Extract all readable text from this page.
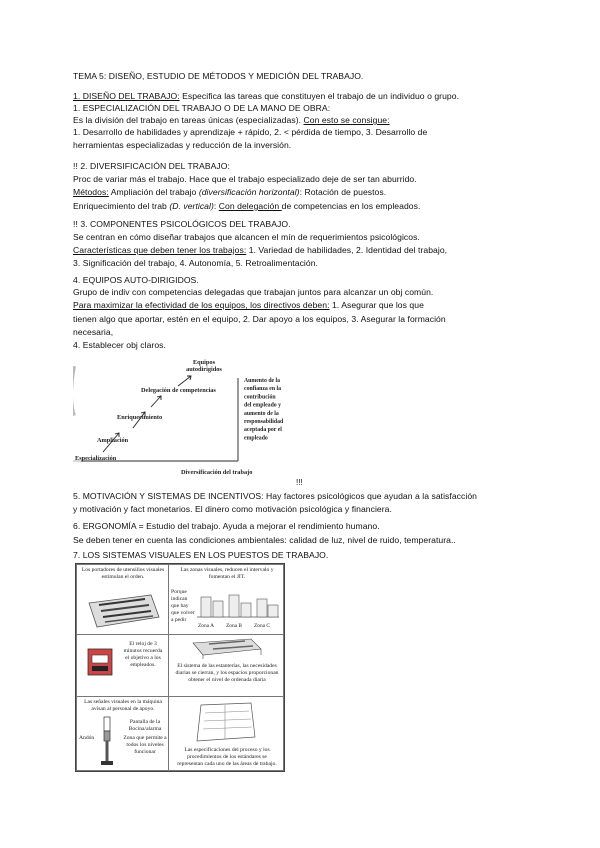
TEMA 5: DISEÑO, ESTUDIO DE MÉTODOS Y MEDICIÓN DEL TRABAJO.
1. DISEÑO DEL TRABAJO: Especifica las tareas que constituyen el trabajo de un individuo o grupo.
1. ESPECIALIZACIÓN DEL TRABAJO O DE LA MANO DE OBRA:
Es la división del trabajo en tareas únicas (especializadas). Con esto se consigue:
1. Desarrollo de habilidades y aprendizaje + rápido, 2. < pérdida de tiempo, 3. Desarrollo de
herramientas especializadas y reducción de la inversión.
!! 2. DIVERSIFICACIÓN DEL TRABAJO:
Proc de variar más el trabajo. Hace que el trabajo especializado deje de ser tan aburrido.
Métodos: Ampliación del trabajo (diversificación horizontal): Rotación de puestos.
Enriquecimiento del trab (D. vertical): Con delegación de competencias en los empleados.
!! 3. COMPONENTES PSICOLÓGICOS DEL TRABAJO.
Se centran en cómo diseñar trabajos que alcancen el mín de requerimientos psicológicos.
Características que deben tener los trabajos: 1. Variedad de habilidades, 2. Identidad del trabajo,
3. Significación del trabajo, 4. Autonomía, 5. Retroalimentación.
4. EQUIPOS AUTO-DIRIGIDOS.
Grupo de indiv con competencias delegadas que trabajan juntos para alcanzar un obj común.
Para maximizar la efectividad de los equipos, los directivos deben: 1. Asegurar que los que
tienen algo que aportar, estén en el equipo, 2. Dar apoyo a los equipos, 3. Asegurar la formación
necesaria,
4. Establecer obj claros.
Especialización
Ampliación
Enriquecimiento
Delegación de competencias
Diversificación del trabajo
Equipos
autodirigidos
Aumento de la
confianza en la
contribución
del empleado y
aumento de la
responsabilidad
aceptada por el
empleado
!!!
5. MOTIVACIÓN Y SISTEMAS DE INCENTIVOS: Hay factores psicológicos que ayudan a la satisfacción
y motivación y fact monetarios. El dinero como motivación psicológica y financiera.
6. ERGONOMÍA = Estudio del trabajo. Ayuda a mejorar el rendimiento humano.
Se deben tener en cuenta las condiciones ambientales: calidad de luz, nivel de ruido, temperatura..
7. LOS SISTEMAS VISUALES EN LOS PUESTOS DE TRABAJO.
Los portadores de utensilios visuales estimulan el orden.
Las zonas visuales, reducen el intervalo y fomentan el JIT.
Porque indican que hay que volver a pedir
Zona A Zona B Zona C
El reloj de 3 minutos recuerda el objetivo a los empleados.	El sistema de las estanterías, las necesidades diarias se cierran, y los espacios proporcionan obtener el nivel de ordenada diaria
Las señales visuales en la máquina avisan al personal de apoyo.
Andón
Pantalla de la Bocina/alarma
Zona que permite a todos los niveles funcionar	Las especificaciones del proceso y los procedimientos de los estándares se representan cada uno de las áreas de trabajo.
